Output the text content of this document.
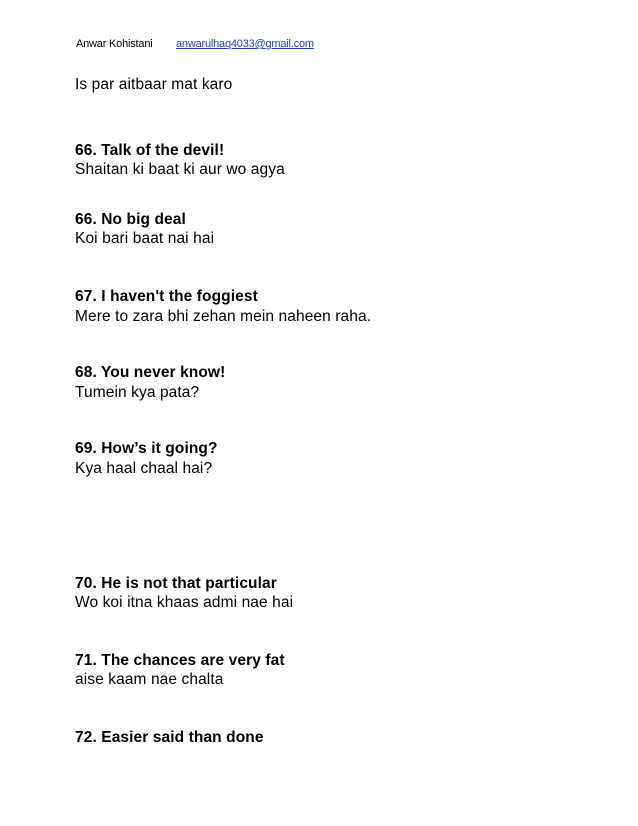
Anwar Kohistani anwarulhaq4033@gmail.com
Is par aitbaar mat karo
66. Talk of the devil!
Shaitan ki baat ki aur wo agya
66. No big deal
Koi bari baat nai hai
67. I haven't the foggiest
Mere to zara bhi zehan mein naheen raha.
68. You never know!
Tumein kya pata?
69. How’s it going?
Kya haal chaal hai?
70. He is not that particular
Wo koi itna khaas admi nae hai
71. The chances are very fat
aise kaam nae chalta
72. Easier said than done
